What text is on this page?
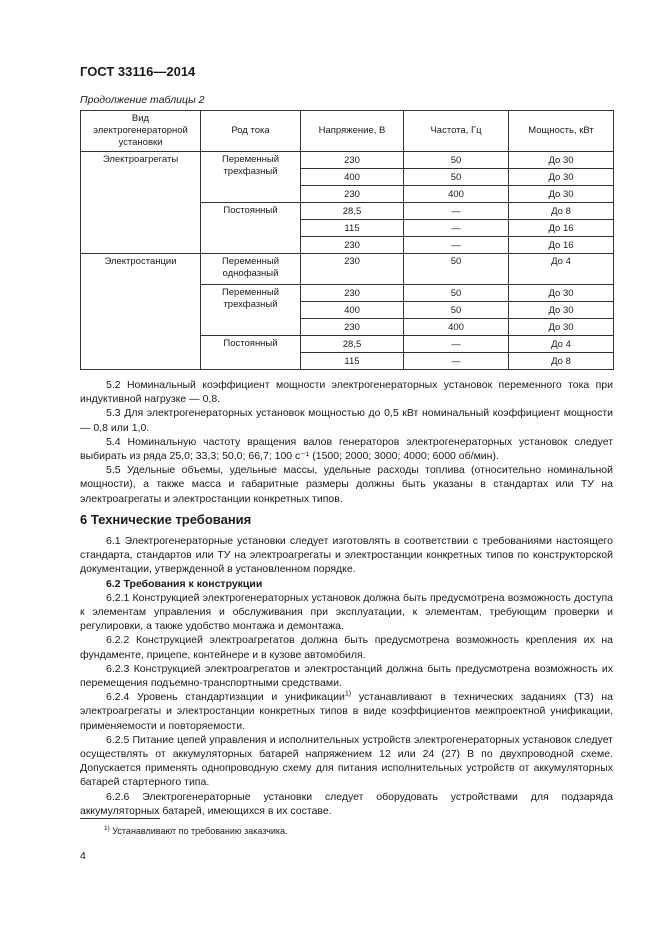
ГОСТ 33116—2014
Продолжение таблицы 2
Вид электрогенераторной установки	Род тока	Напряжение, В	Частота, Гц	Мощность, кВт
Электроагрегаты	Переменный трехфазный	230	50	До 30
		400	50	До 30
		230	400	До 30
	Постоянный	28,5	—	До 8
		115	—	До 16
		230	—	До 16
Электростанции	Переменный однофазный	230	50	До 4
	Переменный трехфазный	230	50	До 30
		400	50	До 30
		230	400	До 30
	Постоянный	28,5	—	До 4
		115	—	До 8

5.2 Номинальный коэффициент мощности электрогенераторных установок переменного тока при индуктивной нагрузке — 0,8.

5.3 Для электрогенераторных установок мощностью до 0,5 кВт номинальный коэффициент мощности — 0,8 или 1,0.

5.4 Номинальную частоту вращения валов генераторов электрогенераторных установок следует выбирать из ряда 25,0; 33,3; 50,0; 66,7; 100 с⁻¹ (1500; 2000; 3000; 4000; 6000 об/мин).

5.5 Удельные объемы, удельные массы, удельные расходы топлива (относительно номинальной мощности), а также масса и габаритные размеры должны быть указаны в стандартах или ТУ на электроагрегаты и электростанции конкретных типов.

6 Технические требования

6.1 Электрогенераторные установки следует изготовлять в соответствии с требованиями настоящего стандарта, стандартов или ТУ на электроагрегаты и электростанции конкретных типов по конструкторской документации, утвержденной в установленном порядке.

6.2 Требования к конструкции

6.2.1 Конструкцией электрогенераторных установок должна быть предусмотрена возможность доступа к элементам управления и обслуживания при эксплуатации, к элементам, требующим проверки и регулировки, а также удобство монтажа и демонтажа.

6.2.2 Конструкцией электроагрегатов должна быть предусмотрена возможность крепления их на фундаменте, прицепе, контейнере и в кузове автомобиля.

6.2.3 Конструкцией электроагрегатов и электростанций должна быть предусмотрена возможность их перемещения подъемно-транспортными средствами.

6.2.4 Уровень стандартизации и унификации$^{1)}$ устанавливают в технических заданиях (ТЗ) на электроагрегаты и электростанции конкретных типов в виде коэффициентов межпроектной унификации, применяемости и повторяемости.

6.2.5 Питание цепей управления и исполнительных устройств электрогенераторных установок следует осуществлять от аккумуляторных батарей напряжением 12 или 24 (27) В по двухпроводной схеме. Допускается применять однопроводную схему для питания исполнительных устройств от аккумуляторных батарей стартерного типа.

6.2.6 Электрогенераторные установки следует оборудовать устройствами для подзаряда аккумуляторных батарей, имеющихся в их составе.

$^{1)}$ Устанавливают по требованию заказчика.
4
